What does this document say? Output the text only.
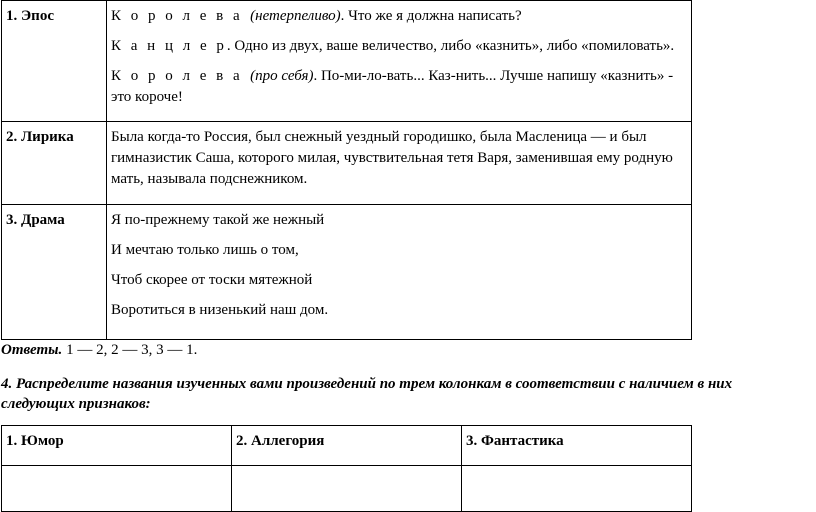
1. Эпос	К о р о л е в а (нетерпеливо). Что же я должна написать?
К а н ц л е р. Одно из двух, ваше величество, либо «казнить», либо «помиловать».
К о р о л е в а (про себя). По-ми-ло-вать... Каз-нить... Лучше напишу «казнить» - это короче!

2. Лирика	Была когда-то Россия, был снежный уездный городишко, была Масленица — и был гимназистик Саша, которого милая, чувствительная тетя Варя, заменившая ему родную мать, называла подснежником.
3. Драма	Я по-прежнему такой же нежный
И мечтаю только лишь о том,
Чтоб скорее от тоски мятежной
Воротиться в низенький наш дом.
Ответы. 1 — 2, 2 — 3, 3 — 1.
4. Распределите названия изученных вами произведений по трем колонкам в соответствии с наличием в них следующих признаков:
1. Юмор	2. Аллегория	3. Фантастика
